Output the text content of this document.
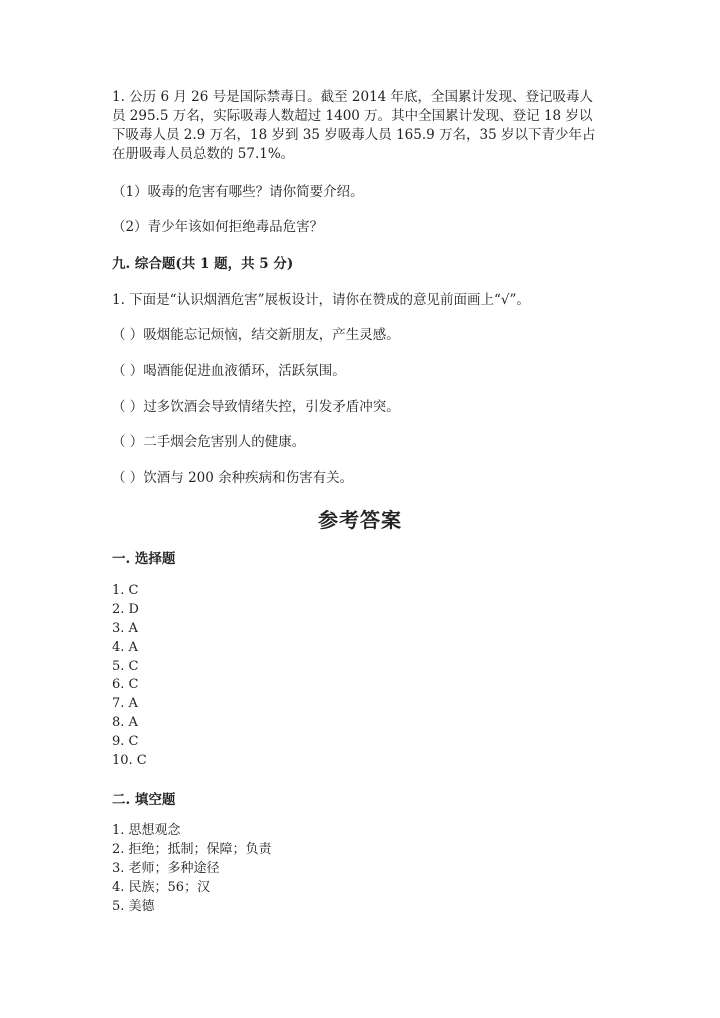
1. 公历 6 月 26 号是国际禁毒日。截至 2014 年底，全国累计发现、登记吸毒人
员 295.5 万名，实际吸毒人数超过 1400 万。其中全国累计发现、登记 18 岁以
下吸毒人员 2.9 万名，18 岁到 35 岁吸毒人员 165.9 万名，35 岁以下青少年占
在册吸毒人员总数的 57.1%。

（1）吸毒的危害有哪些？请你简要介绍。

（2）青少年该如何拒绝毒品危害？

九. 综合题(共 1 题，共 5 分)

1. 下面是“认识烟酒危害”展板设计，请你在赞成的意见前面画上“√”。

（ ）吸烟能忘记烦恼，结交新朋友，产生灵感。

（ ）喝酒能促进血液循环，活跃氛围。

（ ）过多饮酒会导致情绪失控，引发矛盾冲突。

（ ）二手烟会危害别人的健康。

（ ）饮酒与 200 余种疾病和伤害有关。

参考答案

一. 选择题

1. C
2. D
3. A
4. A
5. C
6. C
7. A
8. A
9. C
10. C

二. 填空题

1. 思想观念
2. 拒绝；抵制；保障；负责
3. 老师；多种途径
4. 民族；56；汉
5. 美德
